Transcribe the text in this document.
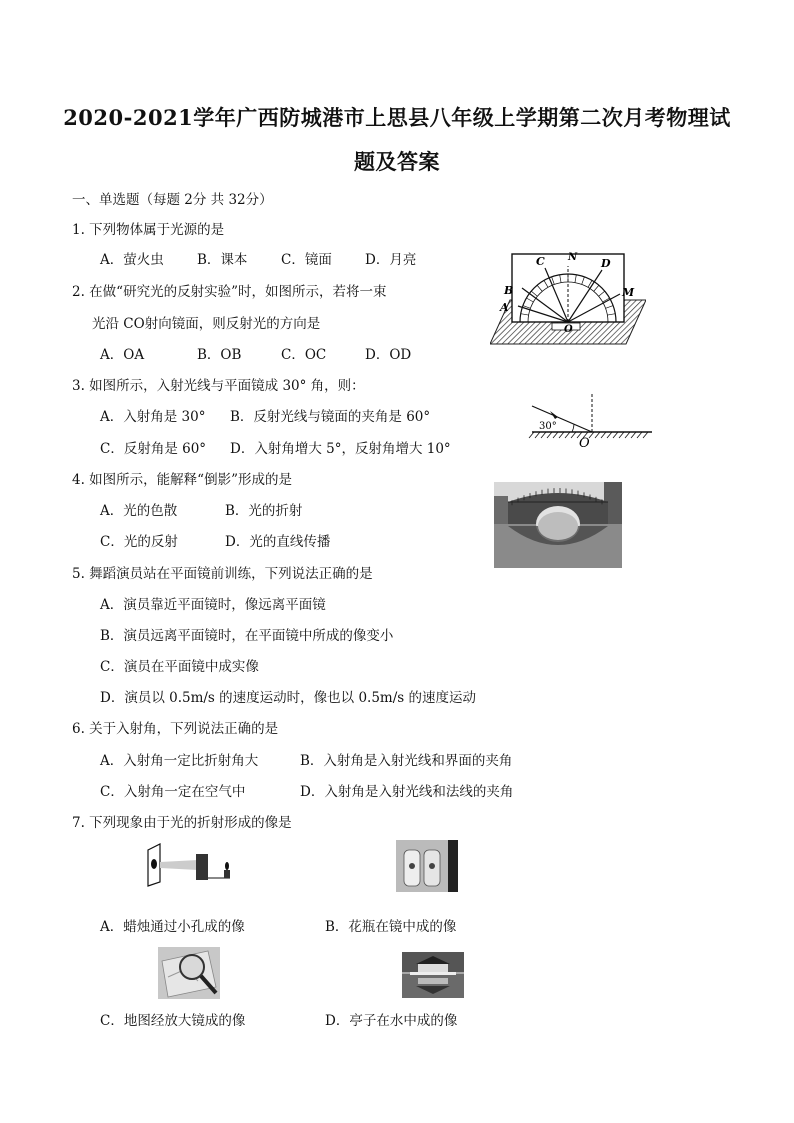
2020-2021学年广西防城港市上思县八年级上学期第二次月考物理试
题及答案
一、单选题（每题 2分 共 32分）
1. 下列物体属于光源的是
A．萤火虫 B．课本 C．镜面 D．月亮
2. 在做“研究光的反射实验”时，如图所示，若将一束
光沿 CO射向镜面，则反射光的方向是
A．OA	B．OB	C．OC	D．OD
A
B
C N D
M
O
3. 如图所示，入射光线与平面镜成 30° 角，则：
A．入射角是 30° B．反射光线与镜面的夹角是 60°
C．反射角是 60° D．入射角增大 5°，反射角增大 10°
30°
O
4. 如图所示，能解释“倒影”形成的是
A．光的色散	B．光的折射
C．光的反射	D．光的直线传播
5. 舞蹈演员站在平面镜前训练，下列说法正确的是
A．演员靠近平面镜时，像远离平面镜
B．演员远离平面镜时，在平面镜中所成的像变小
C．演员在平面镜中成实像
D．演员以 0.5m/s 的速度运动时，像也以 0.5m/s 的速度运动
6. 关于入射角，下列说法正确的是
A．入射角一定比折射角大	B．入射角是入射光线和界面的夹角
C．入射角一定在空气中	D．入射角是入射光线和法线的夹角
7. 下列现象由于光的折射形成的像是
A．蜡烛通过小孔成的像	B．花瓶在镜中成的像
C．地图经放大镜成的像	D．亭子在水中成的像
